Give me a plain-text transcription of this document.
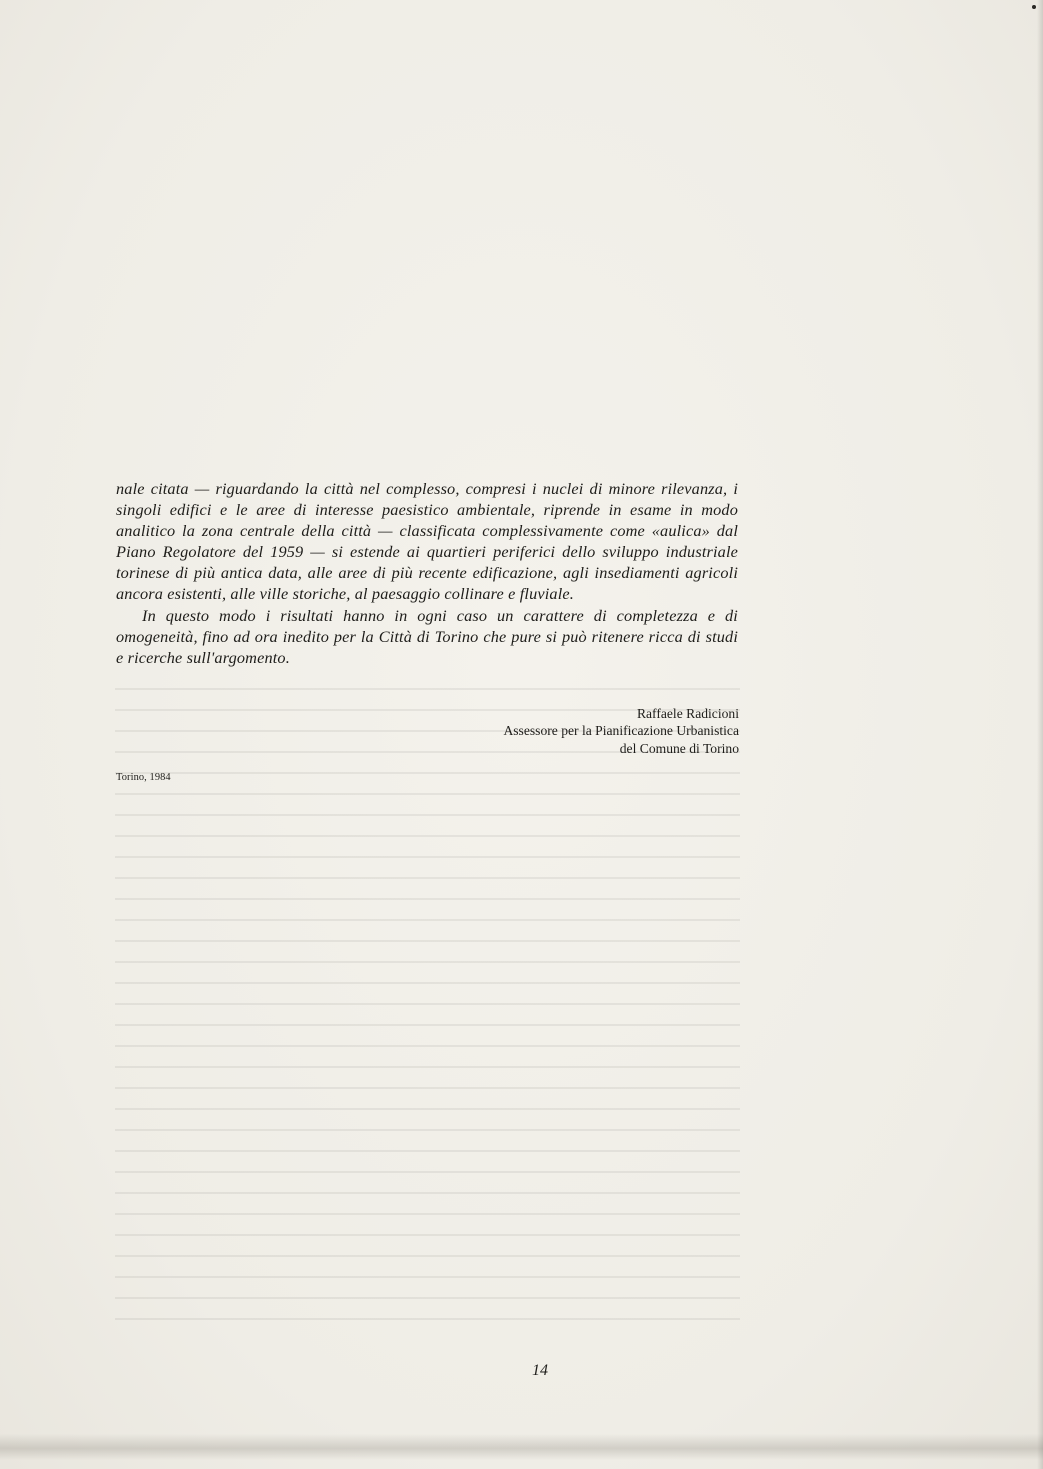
nale citata — riguardando la città nel complesso, compresi i nuclei di minore rilevanza, i singoli edifici e le aree di interesse paesistico ambientale, riprende in esame in modo analitico la zona centrale della città — classificata complessivamente come «aulica» dal Piano Regolatore del 1959 — si estende ai quartieri periferici dello sviluppo industriale torinese di più antica data, alle aree di più recente edificazione, agli insediamenti agricoli ancora esistenti, alle ville storiche, al paesaggio collinare e fluviale.

In questo modo i risultati hanno in ogni caso un carattere di completezza e di omogeneità, fino ad ora inedito per la Città di Torino che pure si può ritenere ricca di studi e ricerche sull'argomento.

Raffaele Radicioni
Assessore per la Pianificazione Urbanistica
del Comune di Torino
Torino, 1984
14
